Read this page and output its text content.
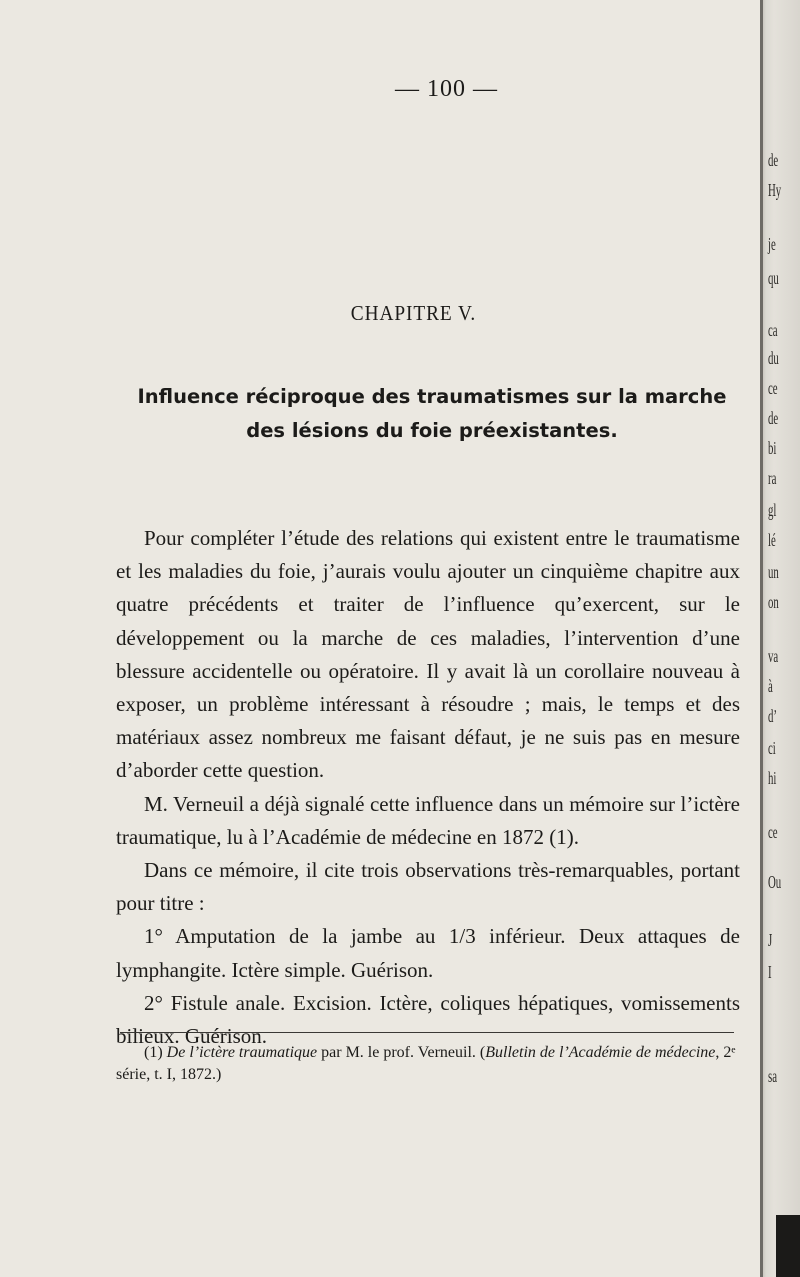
— 100 —
CHAPITRE V.
Influence réciproque des traumatismes sur la marche des lésions du foie préexistantes.

Pour compléter l’étude des relations qui existent entre le traumatisme et les maladies du foie, j’aurais voulu ajouter un cinquième chapitre aux quatre précédents et traiter de l’influence qu’exercent, sur le développement ou la marche de ces maladies, l’intervention d’une blessure accidentelle ou opératoire. Il y avait là un corollaire nouveau à exposer, un problème intéressant à résoudre ; mais, le temps et des matériaux assez nombreux me faisant défaut, je ne suis pas en mesure d’aborder cette question.

M. Verneuil a déjà signalé cette influence dans un mémoire sur l’ictère traumatique, lu à l’Académie de médecine en 1872 (1).

Dans ce mémoire, il cite trois observations très-remarquables, portant pour titre :

1° Amputation de la jambe au 1/3 inférieur. Deux attaques de lymphangite. Ictère simple. Guérison.

2° Fistule anale. Excision. Ictère, coliques hépatiques, vomissements bilieux. Guérison.

(1) De l’ictère traumatique par M. le prof. Verneuil. (Bulletin de l’Académie de médecine, 2ᵉ série, t. I, 1872.)
de
Hy
je
qu
ca
du
ce
de
bi
ra
gl
lé
un
on
va
à
d’
ci
hi
ce
Ou
J
I
sa
